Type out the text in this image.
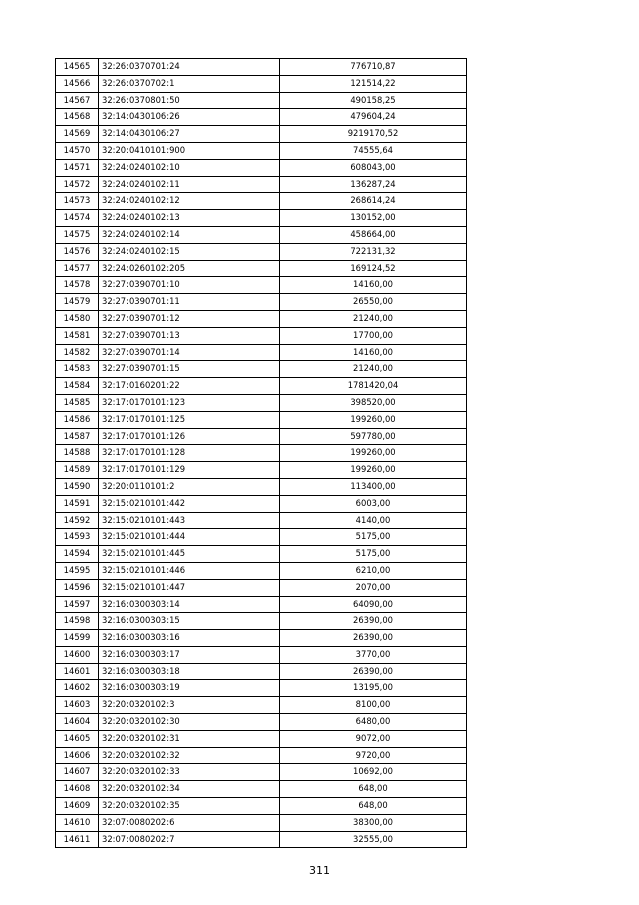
14565	32:26:0370701:24	776710,87
14566	32:26:0370702:1	121514,22
14567	32:26:0370801:50	490158,25
14568	32:14:0430106:26	479604,24
14569	32:14:0430106:27	9219170,52
14570	32:20:0410101:900	74555,64
14571	32:24:0240102:10	608043,00
14572	32:24:0240102:11	136287,24
14573	32:24:0240102:12	268614,24
14574	32:24:0240102:13	130152,00
14575	32:24:0240102:14	458664,00
14576	32:24:0240102:15	722131,32
14577	32:24:0260102:205	169124,52
14578	32:27:0390701:10	14160,00
14579	32:27:0390701:11	26550,00
14580	32:27:0390701:12	21240,00
14581	32:27:0390701:13	17700,00
14582	32:27:0390701:14	14160,00
14583	32:27:0390701:15	21240,00
14584	32:17:0160201:22	1781420,04
14585	32:17:0170101:123	398520,00
14586	32:17:0170101:125	199260,00
14587	32:17:0170101:126	597780,00
14588	32:17:0170101:128	199260,00
14589	32:17:0170101:129	199260,00
14590	32:20:0110101:2	113400,00
14591	32:15:0210101:442	6003,00
14592	32:15:0210101:443	4140,00
14593	32:15:0210101:444	5175,00
14594	32:15:0210101:445	5175,00
14595	32:15:0210101:446	6210,00
14596	32:15:0210101:447	2070,00
14597	32:16:0300303:14	64090,00
14598	32:16:0300303:15	26390,00
14599	32:16:0300303:16	26390,00
14600	32:16:0300303:17	3770,00
14601	32:16:0300303:18	26390,00
14602	32:16:0300303:19	13195,00
14603	32:20:0320102:3	8100,00
14604	32:20:0320102:30	6480,00
14605	32:20:0320102:31	9072,00
14606	32:20:0320102:32	9720,00
14607	32:20:0320102:33	10692,00
14608	32:20:0320102:34	648,00
14609	32:20:0320102:35	648,00
14610	32:07:0080202:6	38300,00
14611	32:07:0080202:7	32555,00
311
